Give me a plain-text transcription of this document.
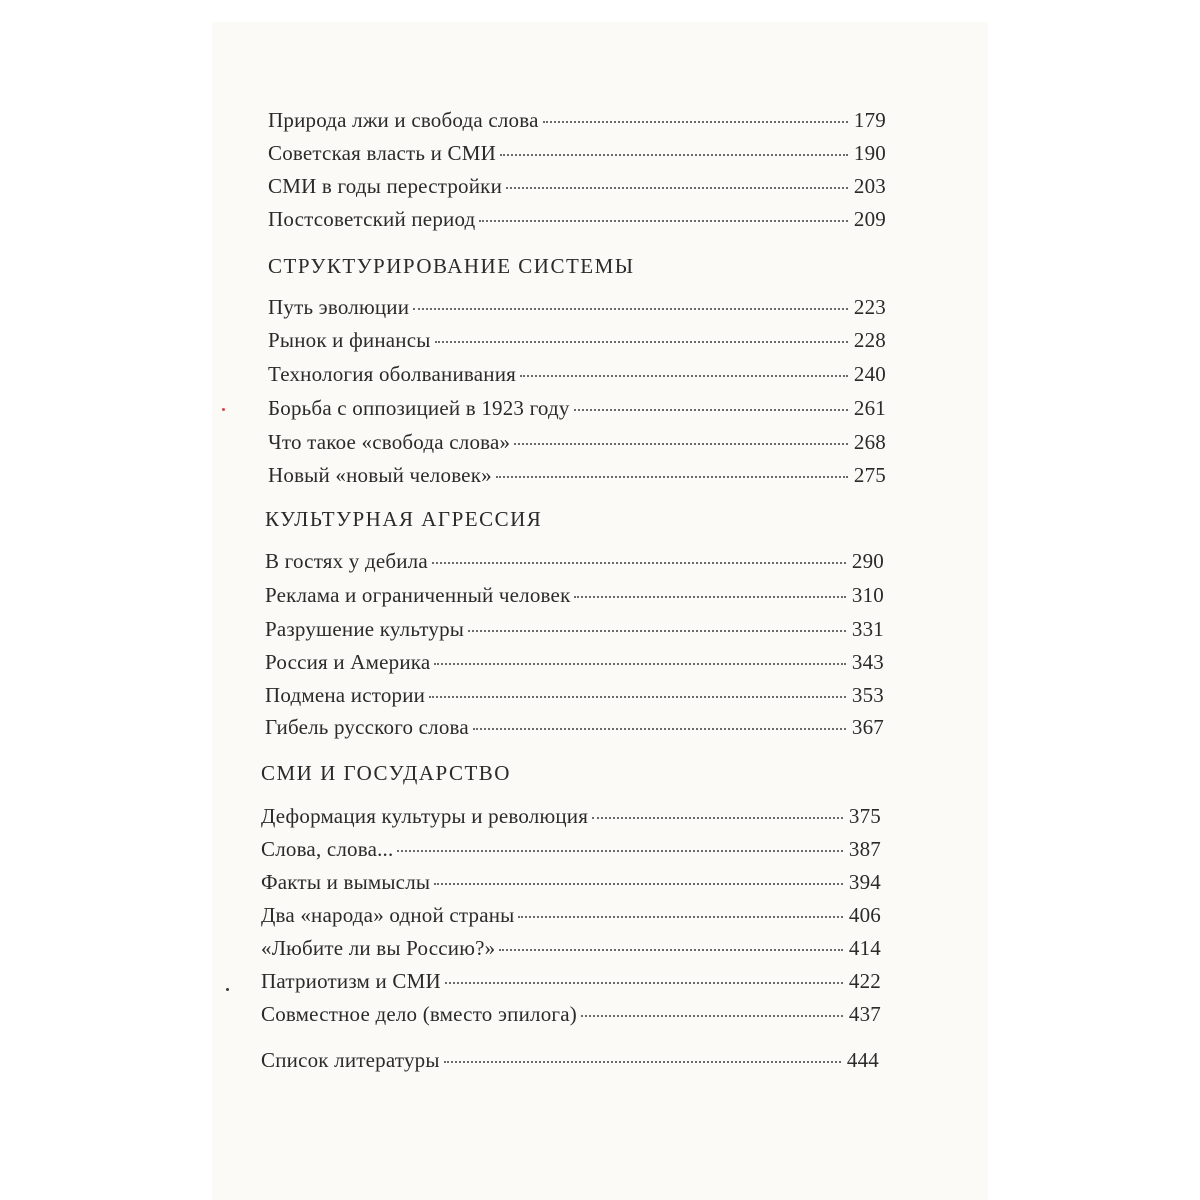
Природа лжи и свобода слова	179
Советская власть и СМИ	190
СМИ в годы перестройки	203
Постсоветский период	209
СТРУКТУРИРОВАНИЕ СИСТЕМЫ
Путь эволюции	223
Рынок и финансы	228
Технология оболванивания	240
Борьба с оппозицией в 1923 году	261
Что такое «свобода слова»	268
Новый «новый человек»	275
КУЛЬТУРНАЯ АГРЕССИЯ
В гостях у дебила	290
Реклама и ограниченный человек	310
Разрушение культуры	331
Россия и Америка	343
Подмена истории	353
Гибель русского слова	367
СМИ И ГОСУДАРСТВО
Деформация культуры и революция	375
Слова, слова...	387
Факты и вымыслы	394
Два «народа» одной страны	406
«Любите ли вы Россию?»	414
Патриотизм и СМИ	422
Совместное дело (вместо эпилога)	437
Список литературы	444
